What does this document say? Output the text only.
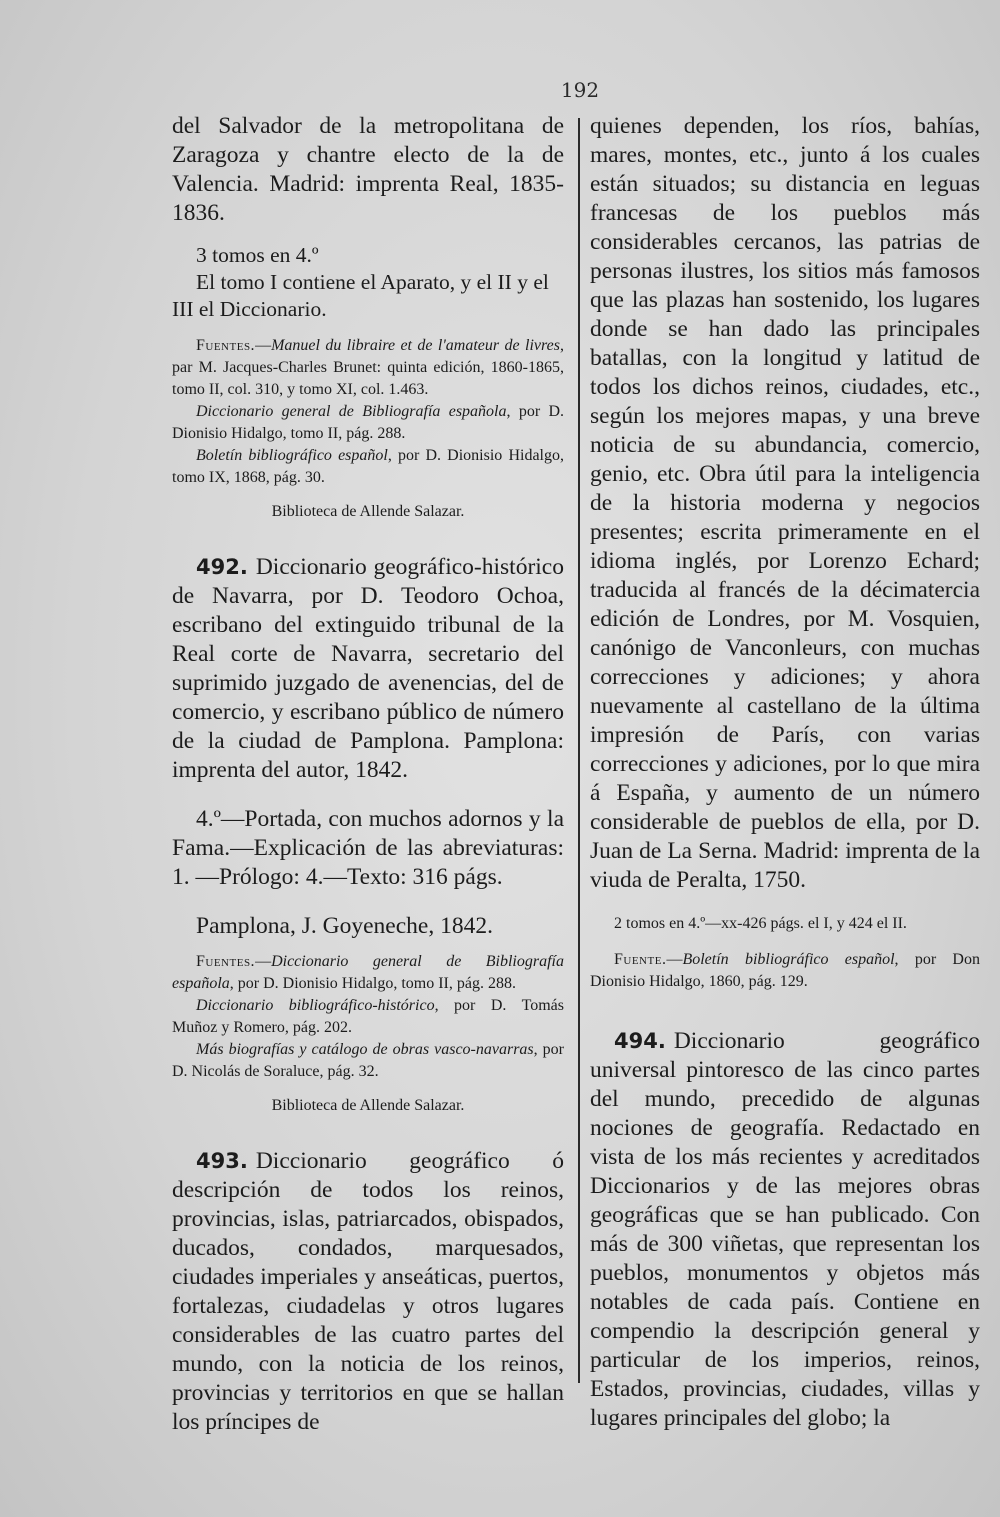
192

del Salvador de la metropolitana de Zaragoza y chantre electo de la de Valencia. Madrid: imprenta Real, 1835-1836.

3 tomos en 4.º

El tomo I contiene el Aparato, y el II y el III el Diccionario.

Fuentes.—Manuel du libraire et de l'amateur de livres, par M. Jacques-Charles Brunet: quinta edición, 1860-1865, tomo II, col. 310, y tomo XI, col. 1.463.

Diccionario general de Bibliografía española, por D. Dionisio Hidalgo, tomo II, pág. 288.

Boletín bibliográfico español, por D. Dionisio Hidalgo, tomo IX, 1868, pág. 30.

Biblioteca de Allende Salazar.

492. Diccionario geográfico-histórico de Navarra, por D. Teodoro Ochoa, escribano del extinguido tribunal de la Real corte de Navarra, secretario del suprimido juzgado de avenencias, del de comercio, y escribano público de número de la ciudad de Pamplona. Pamplona: imprenta del autor, 1842.

4.º—Portada, con muchos adornos y la Fama.—Explicación de las abreviaturas: 1. —Prólogo: 4.—Texto: 316 págs.

Pamplona, J. Goyeneche, 1842.

Fuentes.—Diccionario general de Bibliografía española, por D. Dionisio Hidalgo, tomo II, pág. 288.

Diccionario bibliográfico-histórico, por D. Tomás Muñoz y Romero, pág. 202.

Más biografías y catálogo de obras vasco-navarras, por D. Nicolás de Soraluce, pág. 32.

Biblioteca de Allende Salazar.

493. Diccionario geográfico ó descripción de todos los reinos, provincias, islas, patriarcados, obispados, ducados, condados, marquesados, ciudades imperiales y anseáticas, puertos, fortalezas, ciudadelas y otros lugares considerables de las cuatro partes del mundo, con la noticia de los reinos, provincias y territorios en que se hallan los príncipes de

quienes dependen, los ríos, bahías, mares, montes, etc., junto á los cuales están situados; su distancia en leguas francesas de los pueblos más considerables cercanos, las patrias de personas ilustres, los sitios más famosos que las plazas han sostenido, los lugares donde se han dado las principales batallas, con la longitud y latitud de todos los dichos reinos, ciudades, etc., según los mejores mapas, y una breve noticia de su abundancia, comercio, genio, etc. Obra útil para la inteligencia de la historia moderna y negocios presentes; escrita primeramente en el idioma inglés, por Lorenzo Echard; traducida al francés de la décimatercia edición de Londres, por M. Vosquien, canónigo de Vanconleurs, con muchas correcciones y adiciones; y ahora nuevamente al castellano de la última impresión de París, con varias correcciones y adiciones, por lo que mira á España, y aumento de un número considerable de pueblos de ella, por D. Juan de La Serna. Madrid: imprenta de la viuda de Peralta, 1750.

2 tomos en 4.º—xx-426 págs. el I, y 424 el II.

Fuente.—Boletín bibliográfico español, por Don Dionisio Hidalgo, 1860, pág. 129.

494. Diccionario geográfico universal pintoresco de las cinco partes del mundo, precedido de algunas nociones de geografía. Redactado en vista de los más recientes y acreditados Diccionarios y de las mejores obras geográficas que se han publicado. Con más de 300 viñetas, que representan los pueblos, monumentos y objetos más notables de cada país. Contiene en compendio la descripción general y particular de los imperios, reinos, Estados, provincias, ciudades, villas y lugares principales del globo; la
